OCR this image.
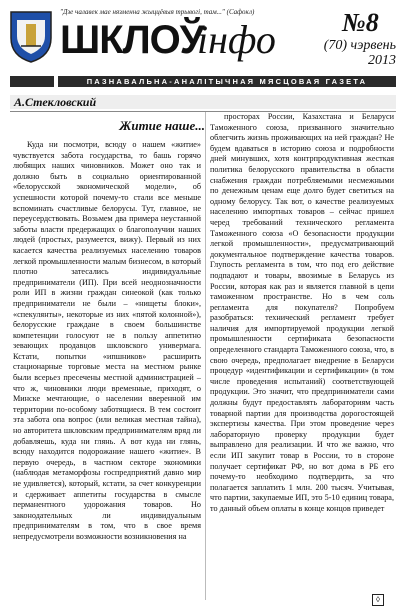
"Дзе чалавек мае нязменна жыццёвыя трывогі, там..." (Сафокл)
ШКЛОЎ
інфо	№8
(70) чэрвень
2013
ПАЗНАВАЛЬНА-АНАЛІТЫЧНАЯ МЯСЦОВАЯ ГАЗЕТА
А.Стекловский
Житие наше...

Куда ни посмотри, всюду о нашем «житие» чувствуется забота государства, то башь горячо любящих наших чиновников. Может оно так и должно быть в социально ориентированной «белорусской экономической модели», об успешности которой почему-то стали все меньше вспоминать счастливые белорусы. Тут, главное, не переусердствовать. Возьмем два примера неустанной заботы власти предержащих о благополучии наших людей (простых, разумеется, вижу). Первый из них касается качества реализуемых населению товаров легкой промышленности малым бизнесом, в который плотно затесались индивидуальные предприниматели (ИП). При всей неоднозначности роли ИП в жизни граждан синеокой (как только предприниматели не были – «нищеты блоки», «спекулянты», некоторые из них «пятой колонной»), белорусские граждане в своем большинстве компетенции голосуют не в пользу аппетитно зевающих продавцов шкловского универмага. Кстати, попытки «ипшников» расширить стационарные торговые места на местном рынке были всерьез пресечены местной администрацией – что ж, чиновники люди временные, приходят, о Минске мечтающие, о населении вверенной им территории по-особому заботящиеся. В тем состоит эта забота опа вопрос (или великая местная тайна), но авторитета шкловским предпринимателям вряд ли добавляешь, куда ни глянь. А вот куда ни глянь, всюду находится подорожание нашего «житие». В первую очередь, в частном секторе экономики (наблюдая метаморфозы госпредприятий давно мир не удивляется), который, кстати, за счет конкуренции и сдерживает аппетиты государства в смысле перманентного удорожания товаров. Но законодательных ли индивидуальным предпринимателям в том, что в свое время непредусмотрели возможности возникновения на

просторах России, Казахстана и Беларуси Таможенного союза, призванного значительно облегчить жизнь проживающих на ней граждан? Не будем вдаваться в историю союза и подробности дней минувших, хотя контрпродуктивная жесткая политика белорусского правительства в области снабжения граждан потребляемыми несмежными по денежным ценам еще долго будет светиться на одному белорусу. Так вот, о качестве реализуемых населению импортных товаров – сейчас пришел черед требований технического регламента Таможенного союза «О безопасности продукции легкой промышленности», предусматривающий документальное подтверждение качества товаров. Глупость регламента в том, что под его действие подпадают и товары, ввозимые в Беларусь из России, которая как раз и является главной в цепи таможенном пространстве. Но в чем соль регламента для покупателя? Попробуем разобраться: технический регламент требует наличия для импортируемой продукции легкой промышленности сертификата безопасности определенного стандарта Таможенного союза, что, в свою очередь, предполагает внедрение в Беларуси процедур «идентификации и сертификации» (в том числе проведения испытаний) соответствующей продукции. Это значит, что предприниматели сами должны будут предоставлять лабораториям часть товарной партии для производства дорогостоящей экспертизы качества. При этом проведение через лабораторную проверку продукции будет выправлено для реализации. И что же важно, что если ИП закупит товар в России, то в стороне получает сертификат РФ, но вот дома в РБ его почему-то необходимо подтвердить, за что полагается заплатить 1 млн. 200 тысяч. Учитывая, что партии, закупаемые ИП, это 5-10 единиц товара, то данный объем оплаты в конце концов приведет

◊
